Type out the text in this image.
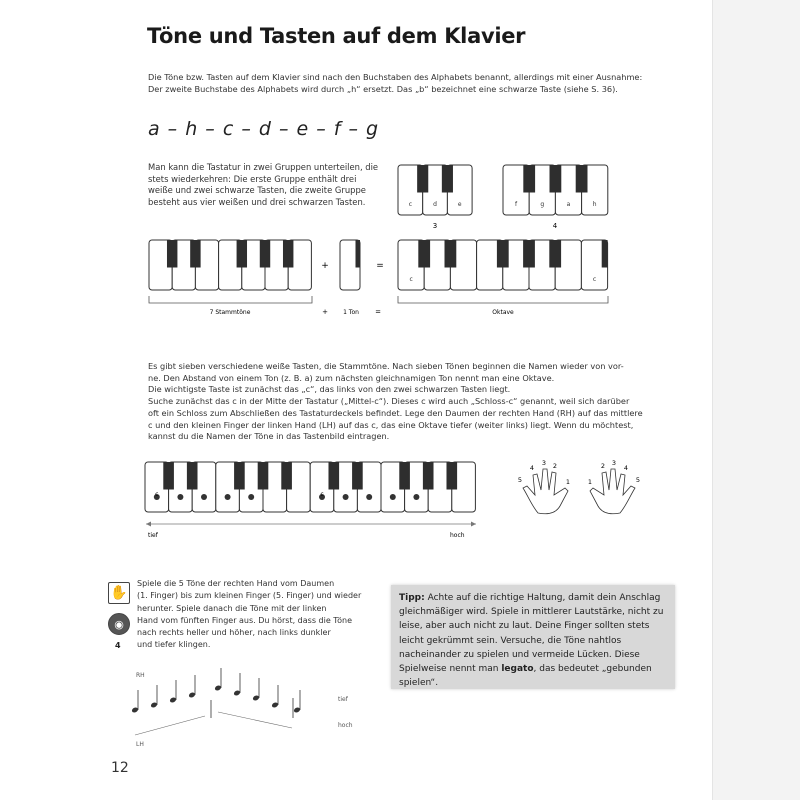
Töne und Tasten auf dem Klavier
Die Töne bzw. Tasten auf dem Klavier sind nach den Buchstaben des Alphabets benannt, allerdings mit einer Ausnahme:
Der zweite Buchstabe des Alphabets wird durch „h“ ersetzt. Das „b“ bezeichnet eine schwarze Taste (siehe S. 36).
a – h – c – d – e – f – g
Man kann die Tastatur in zwei Gruppen unterteilen, die stets wiederkehren: Die erste Gruppe enthält drei weiße und zwei schwarze Tasten, die zweite Gruppe besteht aus vier weißen und drei schwarzen Tasten.	c	d	e
3
f	g	a	h
4
+	=
c	c
7 Stammtöne	+	1 Ton =	Oktave
c	c
tief	hoch
5
4
3 2
1	1
2 3
4
5
Es gibt sieben verschiedene weiße Tasten, die Stammtöne. Nach sieben Tönen beginnen die Namen wieder von vor-
ne. Den Abstand von einem Ton (z. B. a) zum nächsten gleichnamigen Ton nennt man eine Oktave.
Die wichtigste Taste ist zunächst das „c“, das links von den zwei schwarzen Tasten liegt.
Suche zunächst das c in der Mitte der Tastatur („Mittel-c“). Dieses c wird auch „Schloss-c“ genannt, weil sich darüber
oft ein Schloss zum Abschließen des Tastaturdeckels befindet. Lege den Daumen der rechten Hand (RH) auf das mittlere
c und den kleinen Finger der linken Hand (LH) auf das c, das eine Oktave tiefer (weiter links) liegt. Wenn du möchtest,
kannst du die Namen der Töne in das Tastenbild eintragen.
✋
◉
4
Spiele die 5 Töne der rechten Hand vom Daumen
(1. Finger) bis zum kleinen Finger (5. Finger) und wieder
herunter. Spiele danach die Töne mit der linken
Hand vom fünften Finger aus. Du hörst, dass die Töne
nach rechts heller und höher, nach links dunkler
und tiefer klingen.
Tipp: Achte auf die richtige Haltung, damit dein Anschlag gleichmäßiger wird. Spiele in mittlerer Lautstärke, nicht zu leise, aber auch nicht zu laut. Deine Finger sollten stets leicht gekrümmt sein. Versuche, die Töne nahtlos nacheinander zu spielen und vermeide Lücken. Diese Spielweise nennt man legato, das bedeutet „gebunden spielen“.
RH
LH
tief
hoch
12
